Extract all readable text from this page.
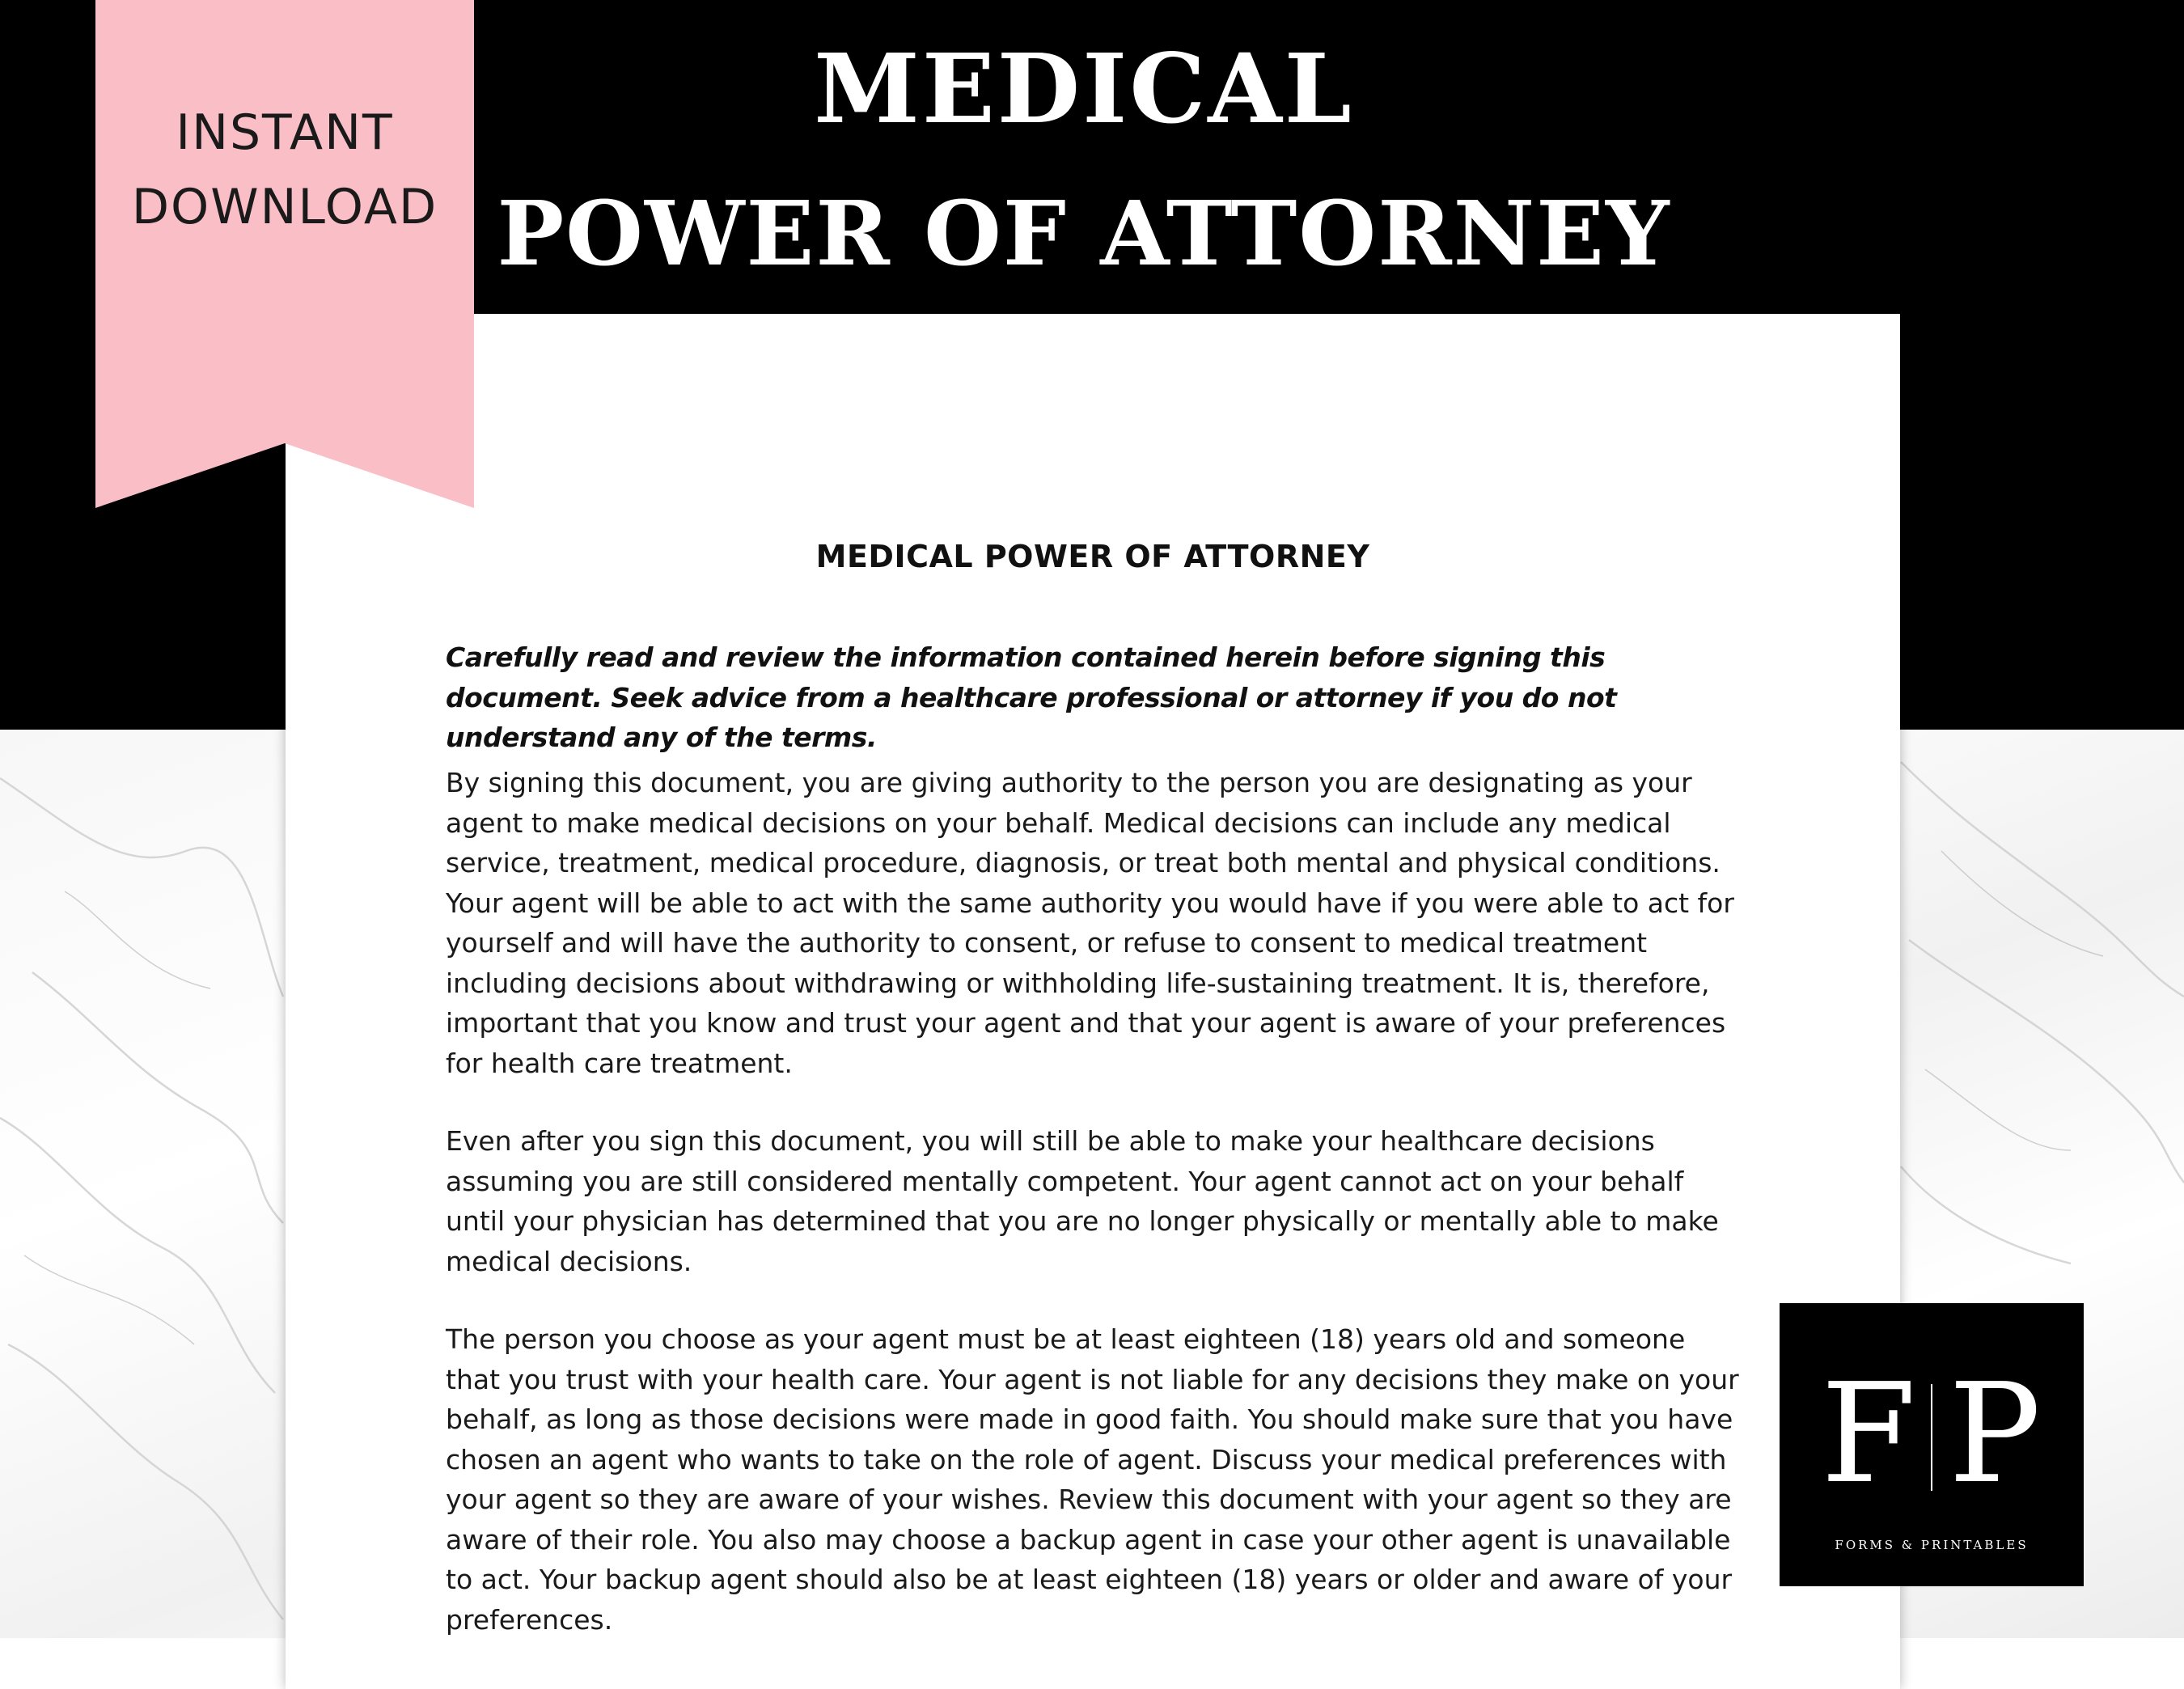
MEDICAL
POWER OF ATTORNEY
MEDICAL POWER OF ATTORNEY

Carefully read and review the information contained herein before signing this document. Seek advice from a healthcare professional or attorney if you do not understand any of the terms.

By signing this document, you are giving authority to the person you are designating as your agent to make medical decisions on your behalf. Medical decisions can include any medical service, treatment, medical procedure, diagnosis, or treat both mental and physical conditions. Your agent will be able to act with the same authority you would have if you were able to act for yourself and will have the authority to consent, or refuse to consent to medical treatment including decisions about withdrawing or withholding life-sustaining treatment. It is, therefore, important that you know and trust your agent and that your agent is aware of your preferences for health care treatment.

Even after you sign this document, you will still be able to make your healthcare decisions assuming you are still considered mentally competent. Your agent cannot act on your behalf until your physician has determined that you are no longer physically or mentally able to make medical decisions.

The person you choose as your agent must be at least eighteen (18) years old and someone that you trust with your health care. Your agent is not liable for any decisions they make on your behalf, as long as those decisions were made in good faith. You should make sure that you have chosen an agent who wants to take on the role of agent. Discuss your medical preferences with your agent so they are aware of your wishes. Review this document with your agent so they are aware of their role. You also may choose a backup agent in case your other agent is unavailable to act. Your backup agent should also be at least eighteen (18) years or older and aware of your preferences.

INSTANT
DOWNLOAD
F P
FORMS & PRINTABLES
